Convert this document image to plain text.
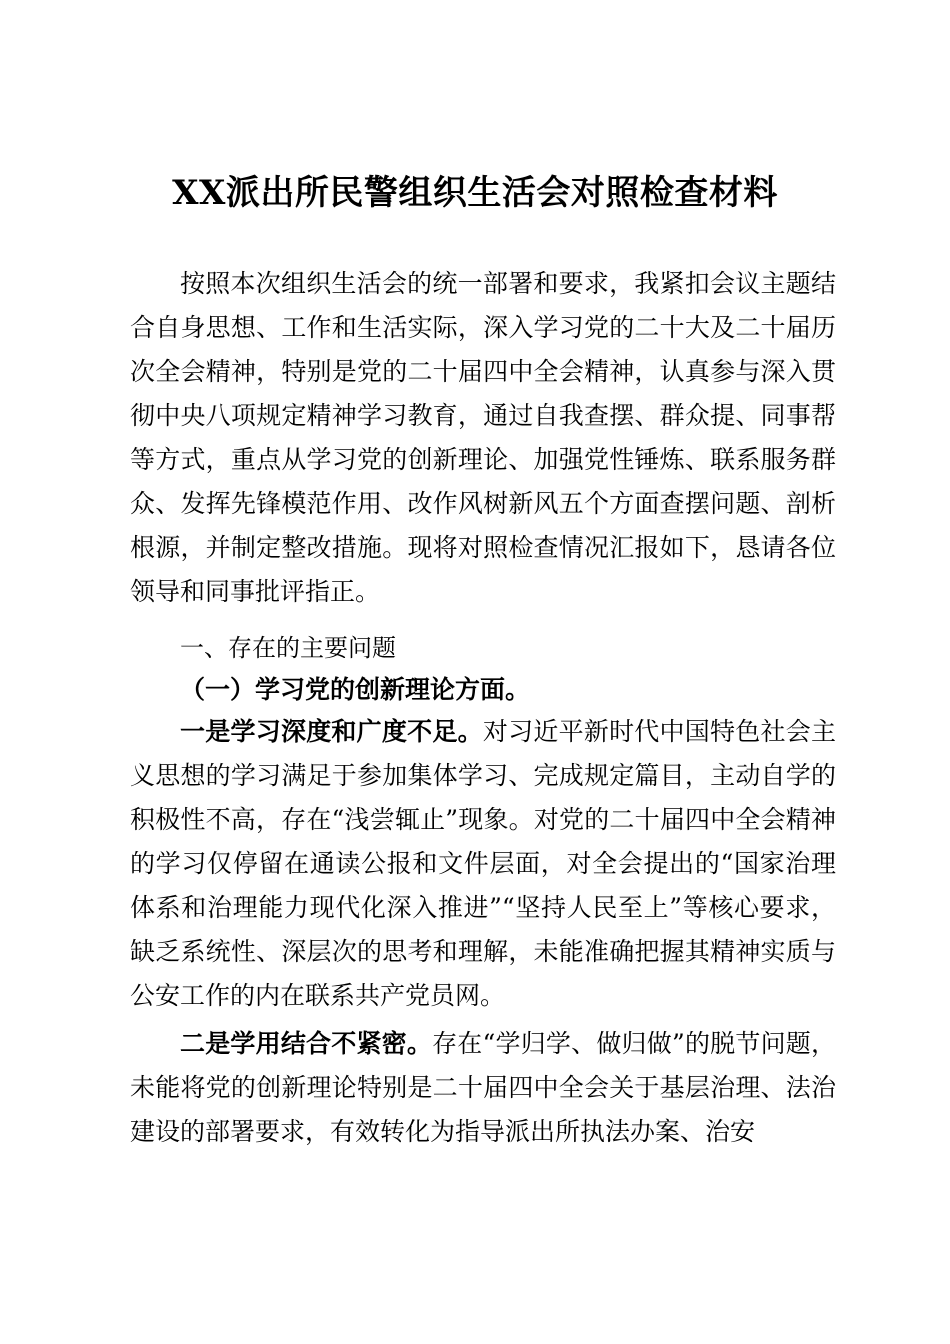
XX派出所民警组织生活会对照检查材料

按照本次组织生活会的统一部署和要求，我紧扣会议主题结合自身思想、工作和生活实际，深入学习党的二十大及二十届历次全会精神，特别是党的二十届四中全会精神，认真参与深入贯彻中央八项规定精神学习教育，通过自我查摆、群众提、同事帮等方式，重点从学习党的创新理论、加强党性锤炼、联系服务群众、发挥先锋模范作用、改作风树新风五个方面查摆问题、剖析根源，并制定整改措施。现将对照检查情况汇报如下，恳请各位领导和同事批评指正。

一、存在的主要问题

（一）学习党的创新理论方面。

一是学习深度和广度不足。对习近平新时代中国特色社会主义思想的学习满足于参加集体学习、完成规定篇目，主动自学的积极性不高，存在“浅尝辄止”现象。对党的二十届四中全会精神的学习仅停留在通读公报和文件层面，对全会提出的“国家治理体系和治理能力现代化深入推进”“坚持人民至上”等核心要求，缺乏系统性、深层次的思考和理解，未能准确把握其精神实质与公安工作的内在联系共产党员网。

二是学用结合不紧密。存在“学归学、做归做”的脱节问题，未能将党的创新理论特别是二十届四中全会关于基层治理、法治建设的部署要求，有效转化为指导派出所执法办案、治安
